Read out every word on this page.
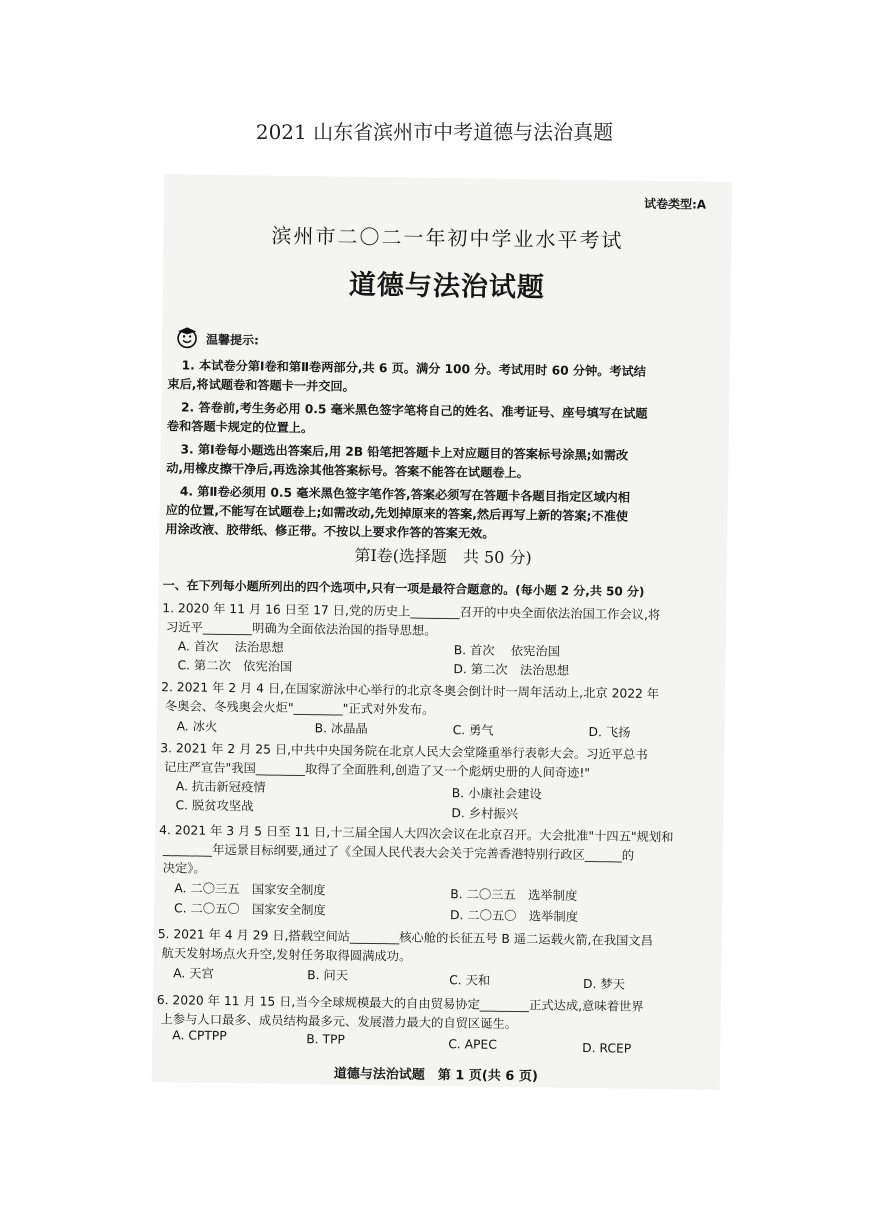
2021 山东省滨州市中考道德与法治真题
试卷类型:A
滨州市二〇二一年初中学业水平考试
道德与法治试题
温馨提示:
1. 本试卷分第Ⅰ卷和第Ⅱ卷两部分,共 6 页。满分 100 分。考试用时 60 分钟。考试结
束后,将试题卷和答题卡一并交回。
2. 答卷前,考生务必用 0.5 毫米黑色签字笔将自己的姓名、准考证号、座号填写在试题
卷和答题卡规定的位置上。
3. 第Ⅰ卷每小题选出答案后,用 2B 铅笔把答题卡上对应题目的答案标号涂黑;如需改
动,用橡皮擦干净后,再选涂其他答案标号。答案不能答在试题卷上。
4. 第Ⅱ卷必须用 0.5 毫米黑色签字笔作答,答案必须写在答题卡各题目指定区域内相
应的位置,不能写在试题卷上;如需改动,先划掉原来的答案,然后再写上新的答案;不准使
用涂改液、胶带纸、修正带。不按以上要求作答的答案无效。
第Ⅰ卷(选择题　共 50 分)
一、在下列每小题所列出的四个选项中,只有一项是最符合题意的。(每小题 2 分,共 50 分)
1. 2020 年 11 月 16 日至 17 日,党的历史上________召开的中央全面依法治国工作会议,将
习近平________明确为全面依法治国的指导思想。
A. 首次　 法治思想	B. 首次　 依宪治国
C. 第二次　依宪治国	D. 第二次　法治思想
2. 2021 年 2 月 4 日,在国家游泳中心举行的北京冬奥会倒计时一周年活动上,北京 2022 年
冬奥会、冬残奥会火炬"________"正式对外发布。
A. 冰火	B. 冰晶晶	C. 勇气	D. 飞扬
3. 2021 年 2 月 25 日,中共中央国务院在北京人民大会堂隆重举行表彰大会。习近平总书
记庄严宣告"我国________取得了全面胜利,创造了又一个彪炳史册的人间奇迹!"
A. 抗击新冠疫情	B. 小康社会建设
C. 脱贫攻坚战
D. 乡村振兴
4. 2021 年 3 月 5 日至 11 日,十三届全国人大四次会议在北京召开。大会批准"十四五"规划和
________年远景目标纲要,通过了《全国人民代表大会关于完善香港特别行政区______的
决定》。
A. 二〇三五　国家安全制度	B. 二〇三五　选举制度
C. 二〇五〇　国家安全制度	D. 二〇五〇　选举制度
5. 2021 年 4 月 29 日,搭载空间站________核心舱的长征五号 B 遥二运载火箭,在我国文昌
航天发射场点火升空,发射任务取得圆满成功。
A. 天宫	B. 问天	C. 天和	D. 梦天
6. 2020 年 11 月 15 日,当今全球规模最大的自由贸易协定________正式达成,意味着世界
上参与人口最多、成员结构最多元、发展潜力最大的自贸区诞生。
A. CPTPP	B. TPP	C. APEC	D. RCEP
道德与法治试题　第 1 页(共 6 页)
